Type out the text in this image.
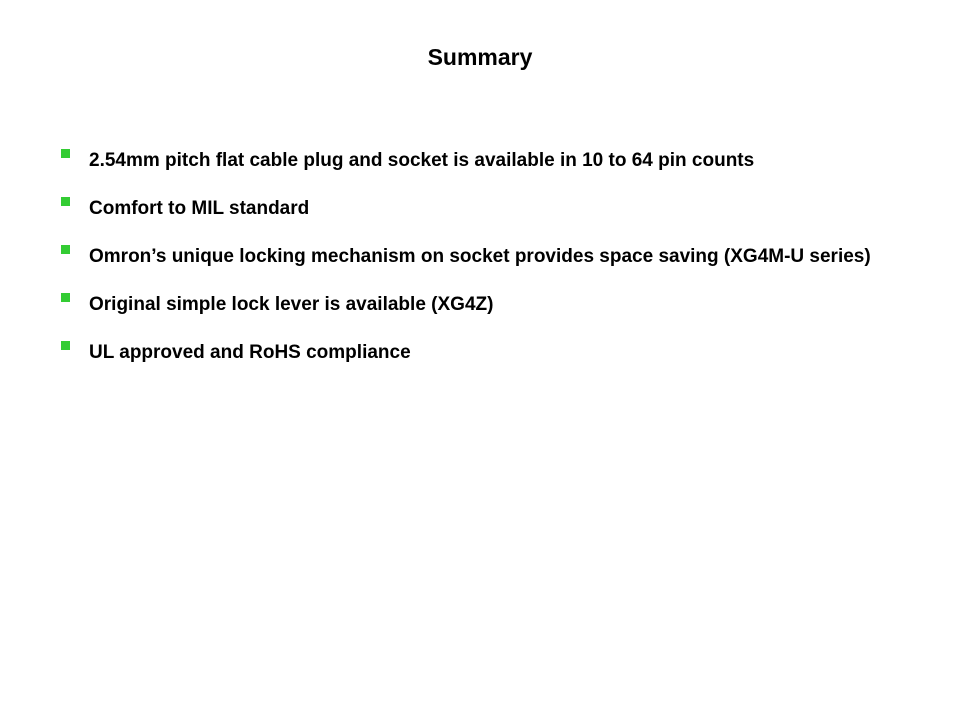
Summary
2.54mm pitch flat cable plug and socket is available in 10 to 64 pin counts
Comfort to MIL standard
Omron’s unique locking mechanism on socket provides space saving (XG4M-U series)
Original simple lock lever is available (XG4Z)
UL approved and RoHS compliance
